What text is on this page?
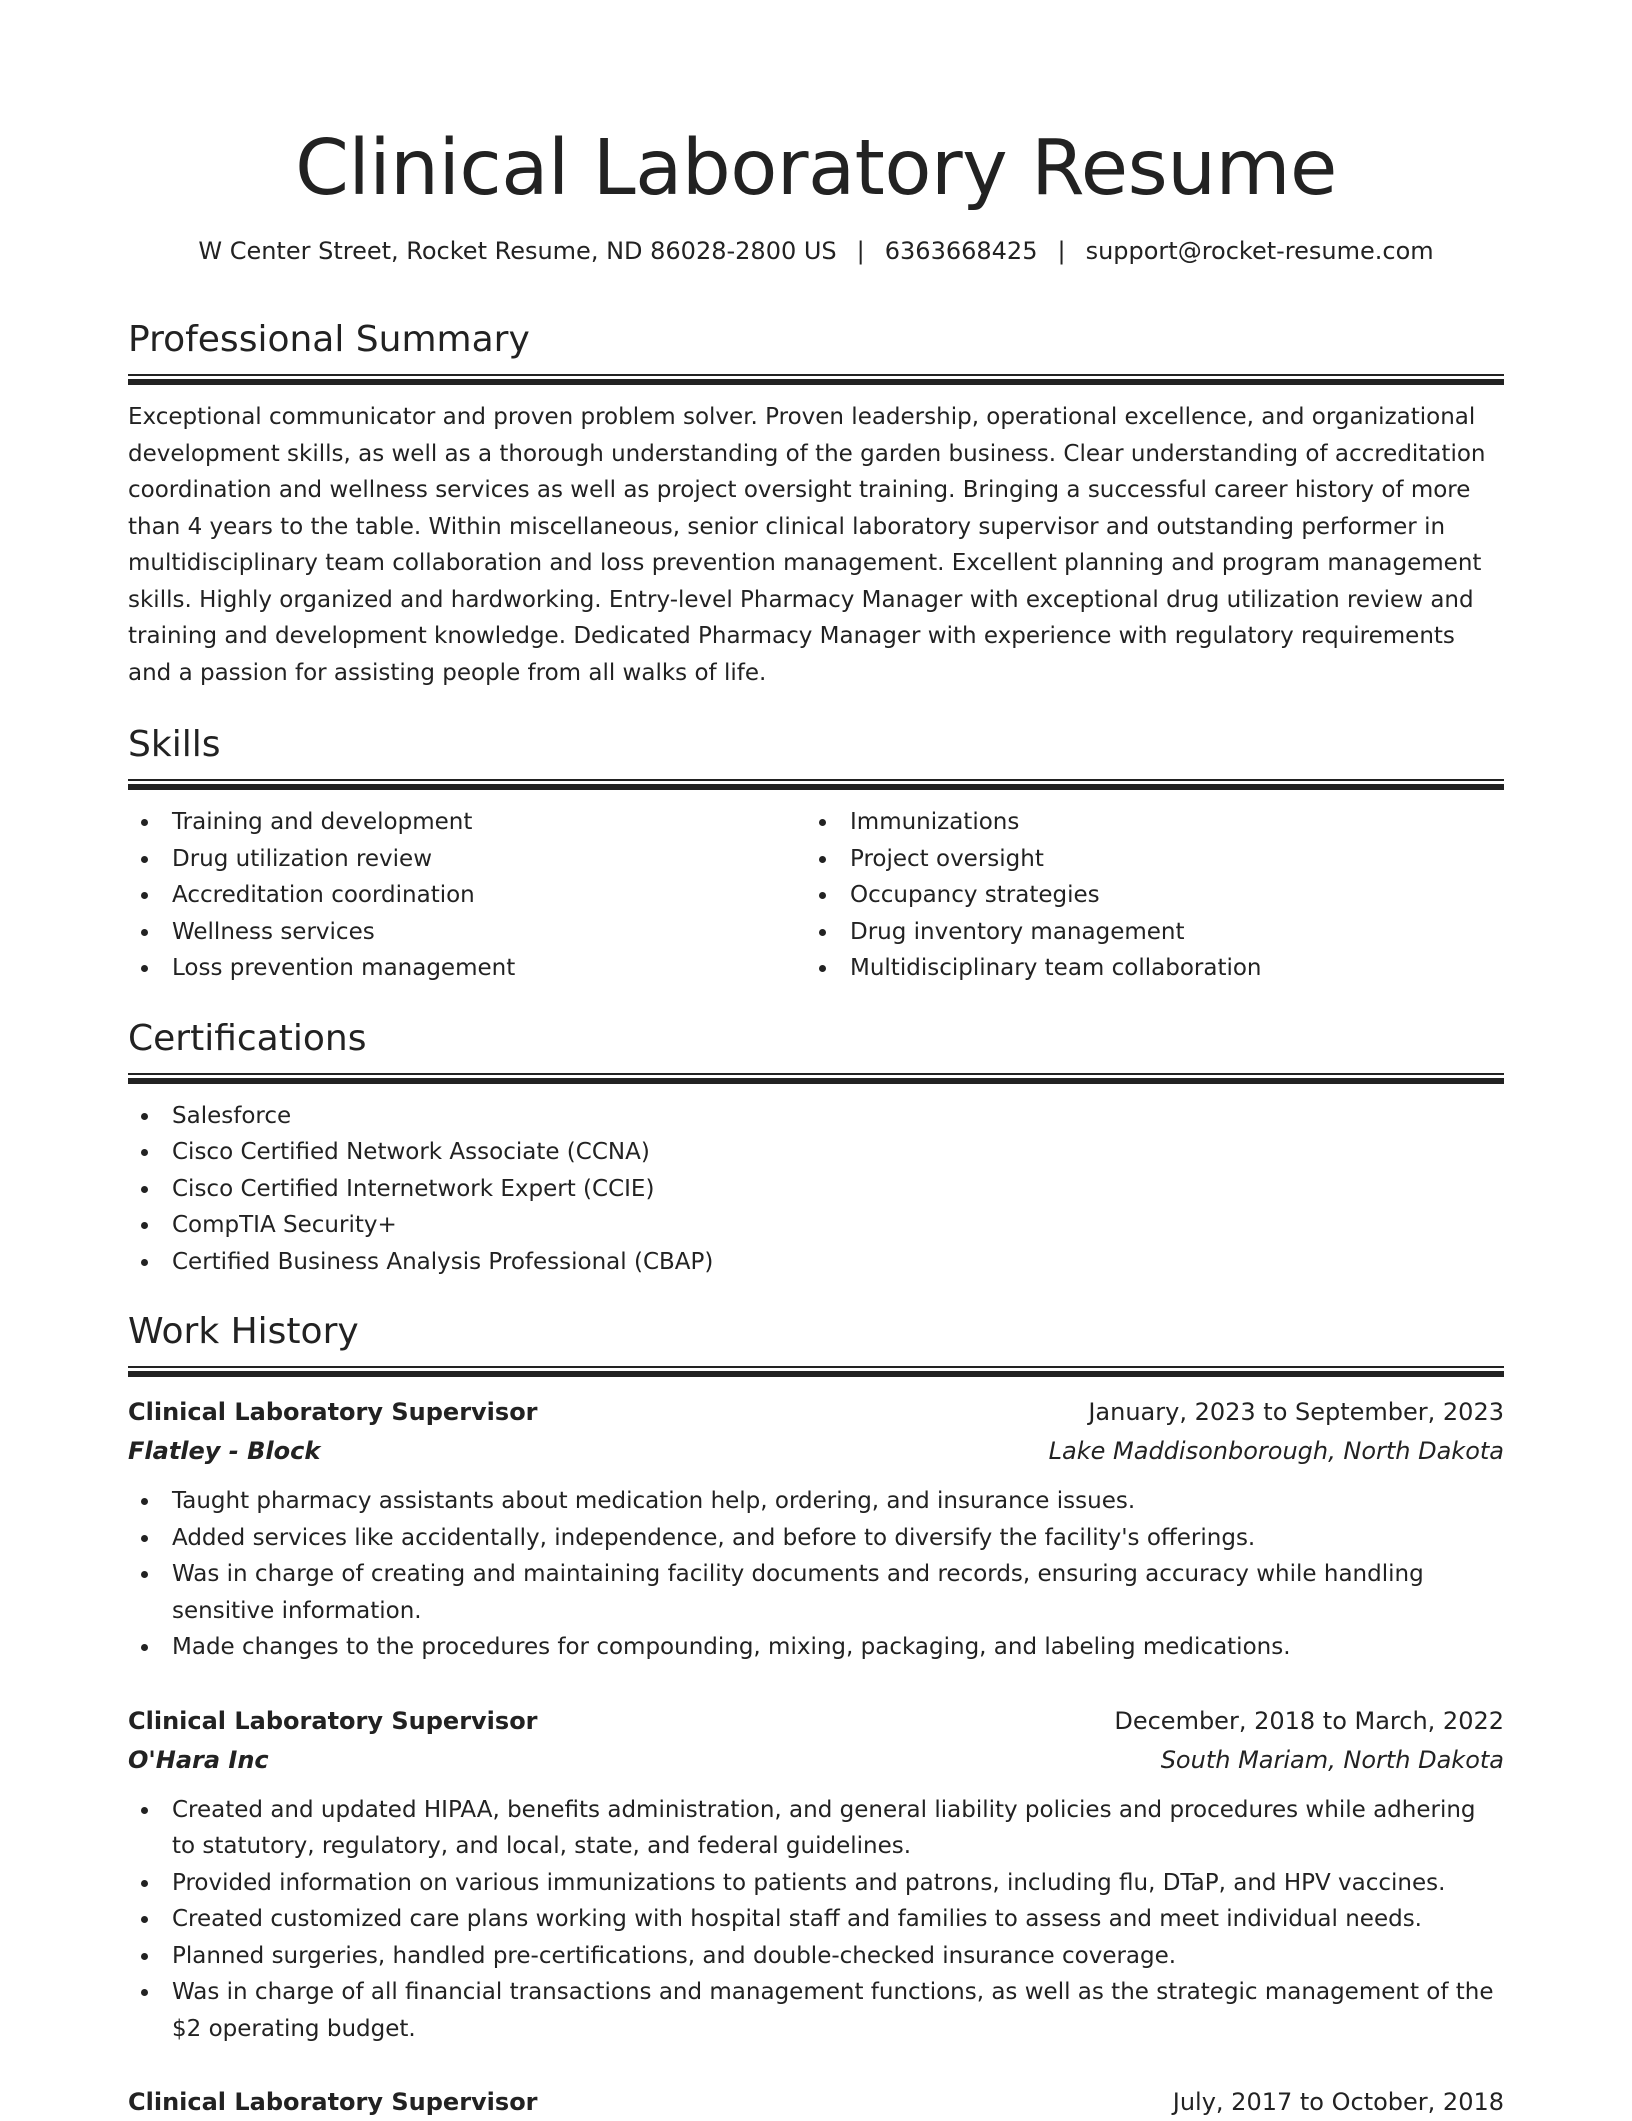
Clinical Laboratory Resume
W Center Street, Rocket Resume, ND 86028-2800 US | 6363668425 | support@rocket-resume.com
Professional Summary

Exceptional communicator and proven problem solver. Proven leadership, operational excellence, and organizational development skills, as well as a thorough understanding of the garden business. Clear understanding of accreditation coordination and wellness services as well as project oversight training. Bringing a successful career history of more than 4 years to the table. Within miscellaneous, senior clinical laboratory supervisor and outstanding performer in multidisciplinary team collaboration and loss prevention management. Excellent planning and program management skills. Highly organized and hardworking. Entry-level Pharmacy Manager with exceptional drug utilization review and training and development knowledge. Dedicated Pharmacy Manager with experience with regulatory requirements and a passion for assisting people from all walks of life.

Skills
Training and development
Drug utilization review
Accreditation coordination
Wellness services
Loss prevention management
Immunizations
Project oversight
Occupancy strategies
Drug inventory management
Multidisciplinary team collaboration
Certifications
Salesforce
Cisco Certified Network Associate (CCNA)
Cisco Certified Internetwork Expert (CCIE)
CompTIA Security+
Certified Business Analysis Professional (CBAP)
Work History
Clinical Laboratory Supervisor	January, 2023 to September, 2023
Flatley - Block	Lake Maddisonborough, North Dakota
Taught pharmacy assistants about medication help, ordering, and insurance issues.
Added services like accidentally, independence, and before to diversify the facility's offerings.
Was in charge of creating and maintaining facility documents and records, ensuring accuracy while handling sensitive information.
Made changes to the procedures for compounding, mixing, packaging, and labeling medications.
Clinical Laboratory Supervisor	December, 2018 to March, 2022
O'Hara Inc	South Mariam, North Dakota
Created and updated HIPAA, benefits administration, and general liability policies and procedures while adhering to statutory, regulatory, and local, state, and federal guidelines.
Provided information on various immunizations to patients and patrons, including flu, DTaP, and HPV vaccines.
Created customized care plans working with hospital staff and families to assess and meet individual needs.
Planned surgeries, handled pre-certifications, and double-checked insurance coverage.
Was in charge of all financial transactions and management functions, as well as the strategic management of the $2 operating budget.
Clinical Laboratory Supervisor	July, 2017 to October, 2018
